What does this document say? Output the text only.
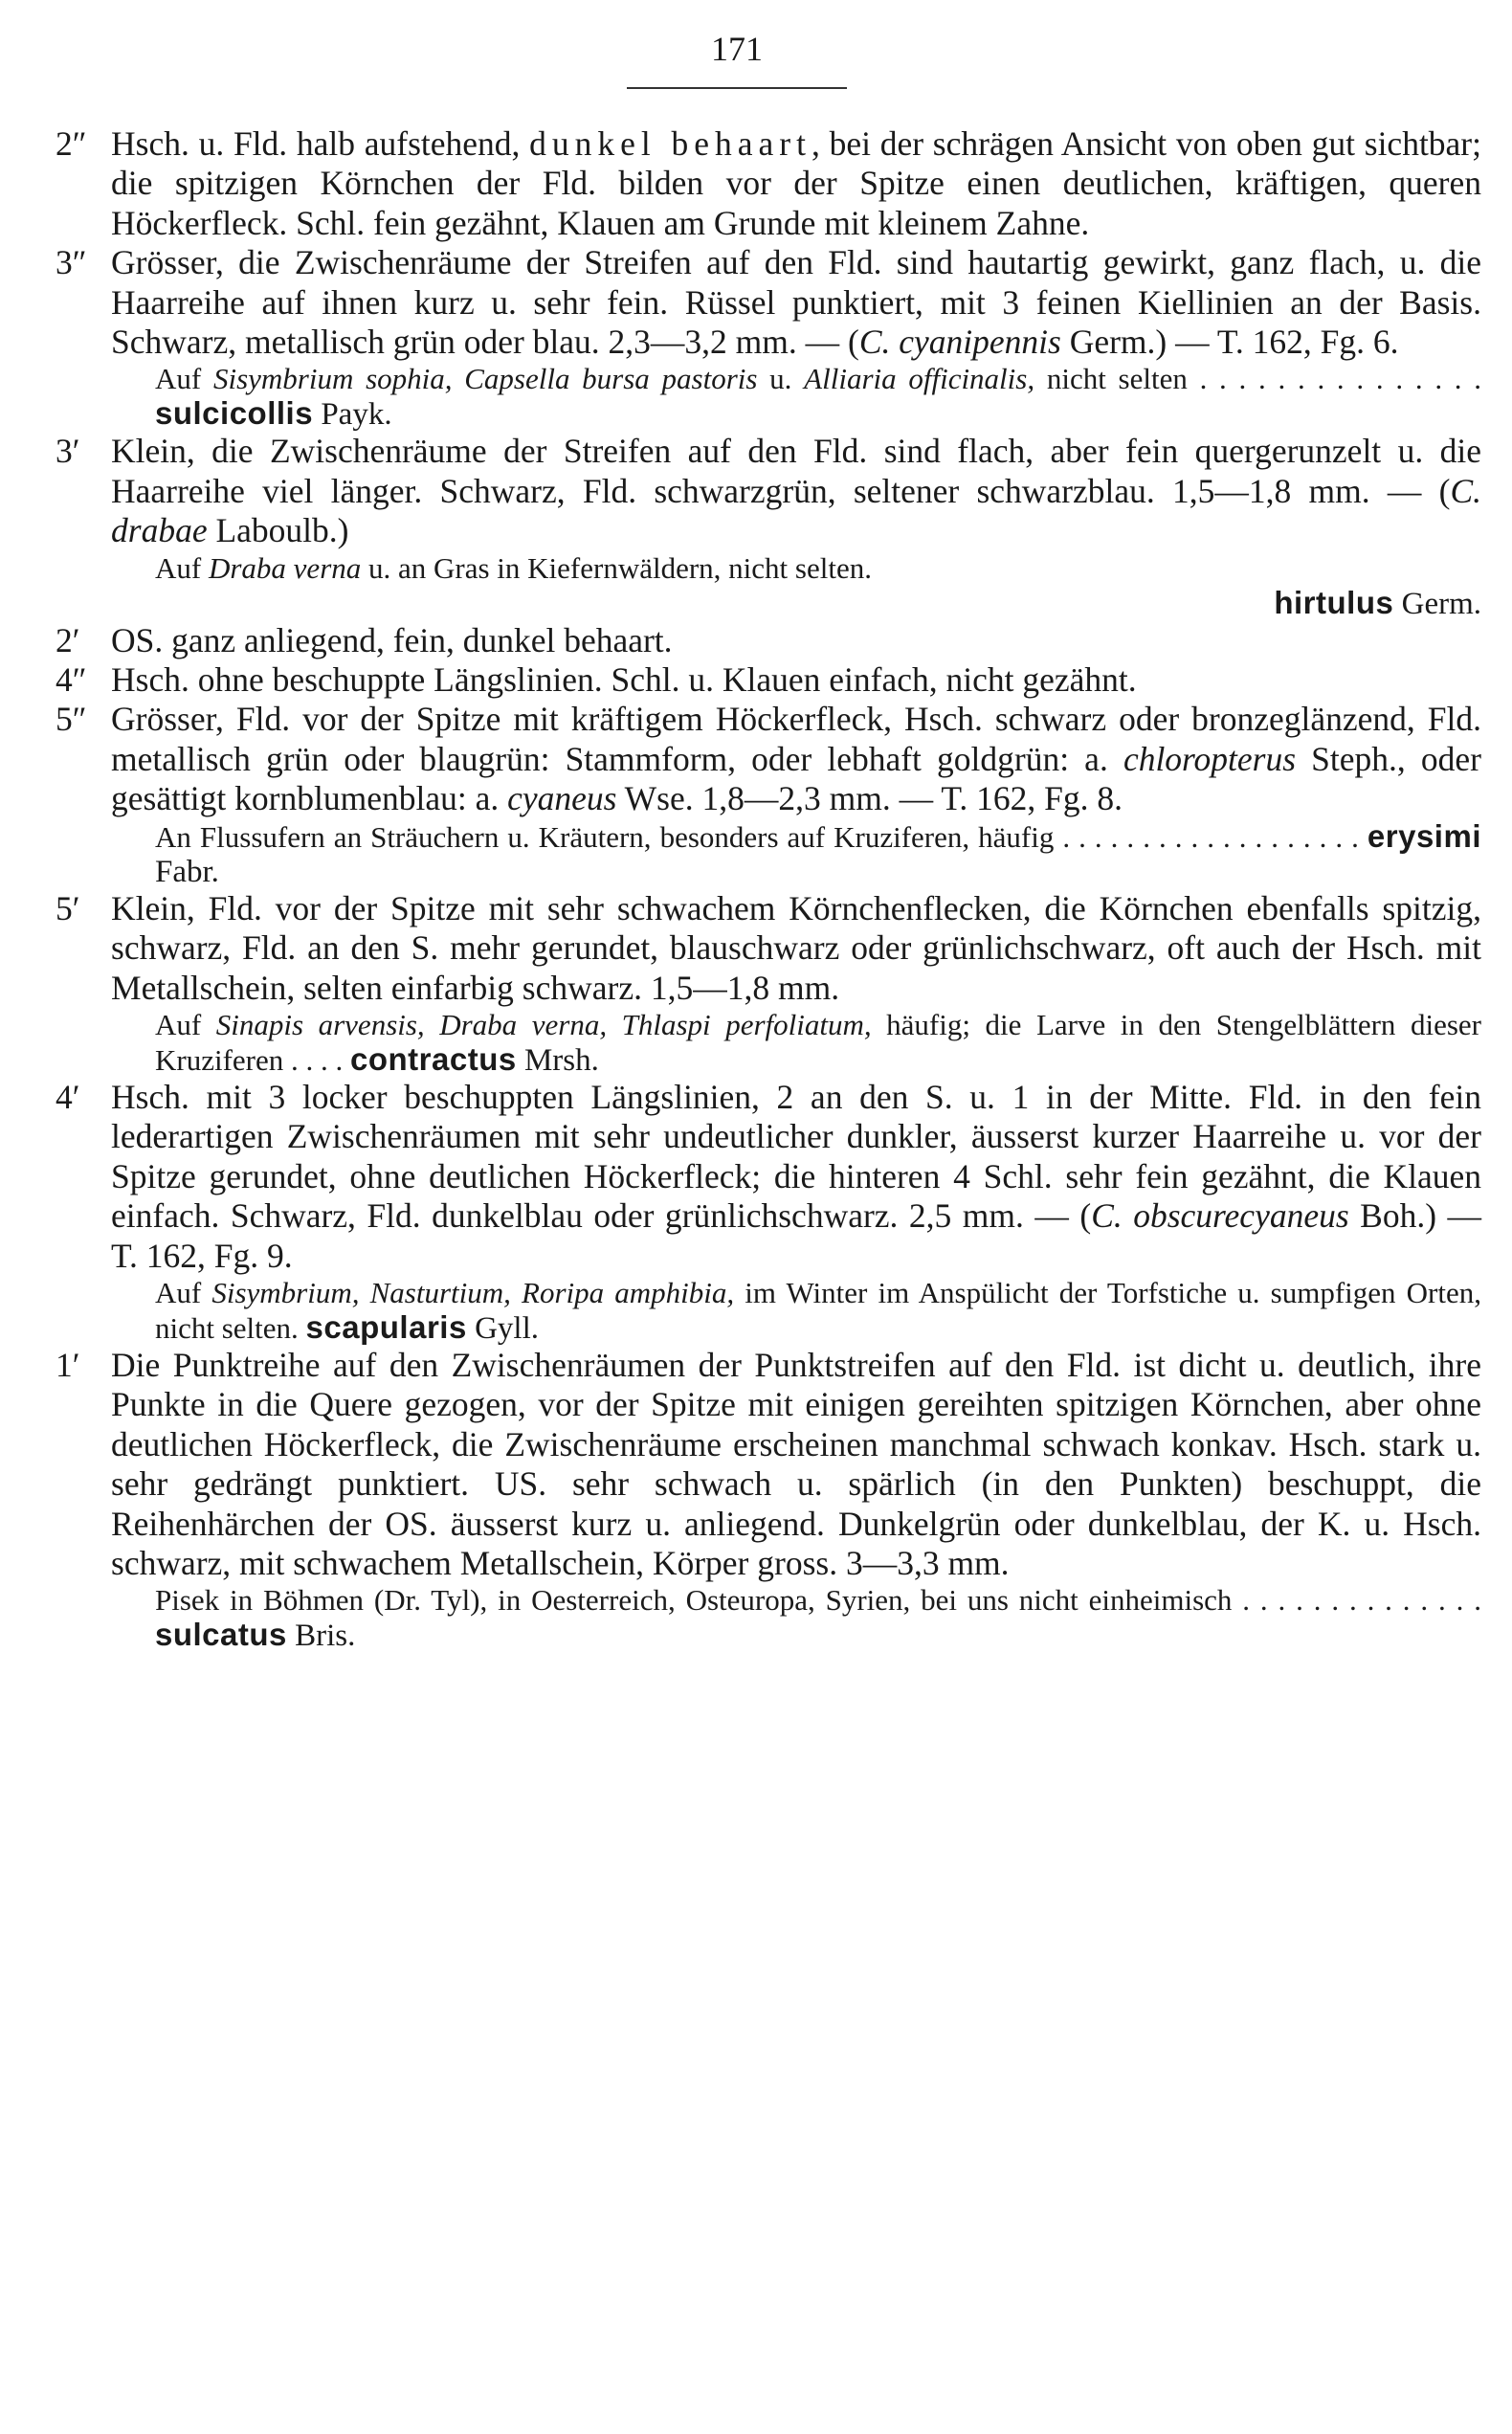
171
2″ Hsch. u. Fld. halb aufstehend, dunkel behaart, bei der schrägen Ansicht von oben gut sichtbar; die spitzigen Körnchen der Fld. bilden vor der Spitze einen deutlichen, kräftigen, queren Höckerfleck. Schl. fein gezähnt, Klauen am Grunde mit kleinem Zahne.
3″ Grösser, die Zwischenräume der Streifen auf den Fld. sind hautartig gewirkt, ganz flach, u. die Haarreihe auf ihnen kurz u. sehr fein. Rüssel punktiert, mit 3 feinen Kiellinien an der Basis. Schwarz, metallisch grün oder blau. 2,3—3,2 mm. — (C. cyanipennis Germ.) — T. 162, Fg. 6.
Auf Sisymbrium sophia, Capsella bursa pastoris u. Alliaria officinalis, nicht selten . . . . . . . . . . . . . . . sulcicollis Payk.
3′ Klein, die Zwischenräume der Streifen auf den Fld. sind flach, aber fein quergerunzelt u. die Haarreihe viel länger. Schwarz, Fld. schwarzgrün, seltener schwarzblau. 1,5—1,8 mm. — (C. drabae Laboulb.)
Auf Draba verna u. an Gras in Kiefernwäldern, nicht selten.
hirtulus Germ.
2′ OS. ganz anliegend, fein, dunkel behaart.
4″ Hsch. ohne beschuppte Längslinien. Schl. u. Klauen einfach, nicht gezähnt.
5″ Grösser, Fld. vor der Spitze mit kräftigem Höckerfleck, Hsch. schwarz oder bronzeglänzend, Fld. metallisch grün oder blaugrün: Stammform, oder lebhaft goldgrün: a. chloropterus Steph., oder gesättigt kornblumenblau: a. cyaneus Wse. 1,8—2,3 mm. — T. 162, Fg. 8.
An Flussufern an Sträuchern u. Kräutern, besonders auf Kruziferen, häufig . . . . . . . . . . . . . . . . . . . erysimi Fabr.
5′ Klein, Fld. vor der Spitze mit sehr schwachem Körnchenflecken, die Körnchen ebenfalls spitzig, schwarz, Fld. an den S. mehr gerundet, blauschwarz oder grünlichschwarz, oft auch der Hsch. mit Metallschein, selten einfarbig schwarz. 1,5—1,8 mm.
Auf Sinapis arvensis, Draba verna, Thlaspi perfoliatum, häufig; die Larve in den Stengelblättern dieser Kruziferen . . . . contractus Mrsh.
4′ Hsch. mit 3 locker beschuppten Längslinien, 2 an den S. u. 1 in der Mitte. Fld. in den fein lederartigen Zwischenräumen mit sehr undeutlicher dunkler, äusserst kurzer Haarreihe u. vor der Spitze gerundet, ohne deutlichen Höckerfleck; die hinteren 4 Schl. sehr fein gezähnt, die Klauen einfach. Schwarz, Fld. dunkelblau oder grünlichschwarz. 2,5 mm. — (C. obscurecyaneus Boh.) — T. 162, Fg. 9.
Auf Sisymbrium, Nasturtium, Roripa amphibia, im Winter im Anspülicht der Torfstiche u. sumpfigen Orten, nicht selten. scapularis Gyll.
1′ Die Punktreihe auf den Zwischenräumen der Punktstreifen auf den Fld. ist dicht u. deutlich, ihre Punkte in die Quere gezogen, vor der Spitze mit einigen gereihten spitzigen Körnchen, aber ohne deutlichen Höckerfleck, die Zwischenräume erscheinen manchmal schwach konkav. Hsch. stark u. sehr gedrängt punktiert. US. sehr schwach u. spärlich (in den Punkten) beschuppt, die Reihenhärchen der OS. äusserst kurz u. anliegend. Dunkelgrün oder dunkelblau, der K. u. Hsch. schwarz, mit schwachem Metallschein, Körper gross. 3—3,3 mm.
Pisek in Böhmen (Dr. Tyl), in Oesterreich, Osteuropa, Syrien, bei uns nicht einheimisch . . . . . . . . . . . . . . sulcatus Bris.
